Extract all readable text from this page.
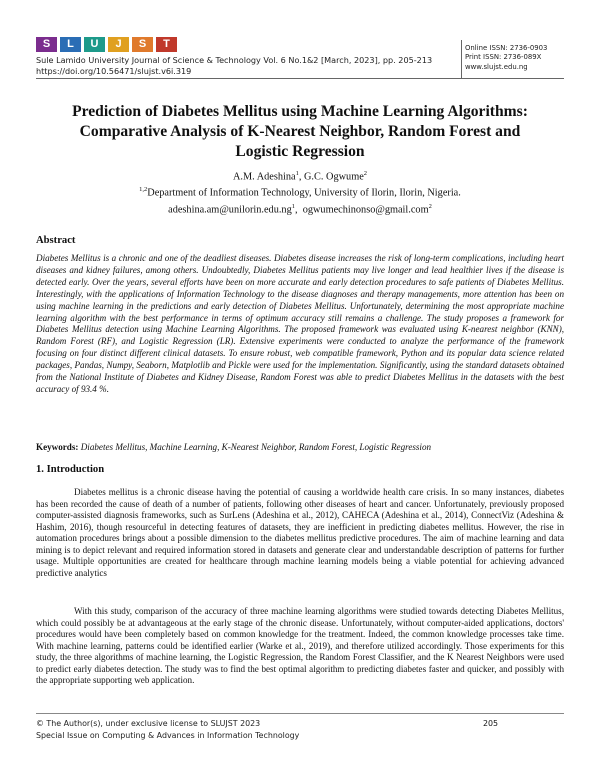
S	L	U	J	S	T
Sule Lamido University Journal of Science & Technology Vol. 6 No.1&2 [March, 2023], pp. 205-213
https://doi.org/10.56471/slujst.v6i.319
Online ISSN: 2736-0903
Print ISSN: 2736-089X
www.slujst.edu.ng
Prediction of Diabetes Mellitus using Machine Learning Algorithms: Comparative Analysis of K-Nearest Neighbor, Random Forest and Logistic Regression
A.M. Adeshina$^1$, G.C. Ogwume$^2$
$^{1,2}$Department of Information Technology, University of Ilorin, Ilorin, Nigeria.
$adeshina.am@unilorin.edu.ng^1$,  ogwumechinonso@gmail.com$^2$
Abstract

Diabetes Mellitus is a chronic and one of the deadliest diseases. Diabetes disease increases the risk of long-term complications, including heart diseases and kidney failures, among others. Undoubtedly, Diabetes Mellitus patients may live longer and lead healthier lives if the disease is detected early. Over the years, several efforts have been on more accurate and early detection procedures to safe patients of Diabetes Mellitus. Interestingly, with the applications of Information Technology to the disease diagnoses and therapy managements, more attention has been on using machine learning in the predictions and early detection of Diabetes Mellitus. Unfortunately, determining the most appropriate machine learning algorithm with the best performance in terms of optimum accuracy still remains a challenge. The study proposes a framework for Diabetes Mellitus detection using Machine Learning Algorithms. The proposed framework was evaluated using K-nearest neighbor (KNN), Random Forest (RF), and Logistic Regression (LR). Extensive experiments were conducted to analyze the performance of the framework focusing on four distinct different clinical datasets. To ensure robust, web compatible framework, Python and its popular data science related packages, Pandas, Numpy, Seaborn, Matplotlib and Pickle were used for the implementation. Significantly, using the standard datasets obtained from the National Institute of Diabetes and Kidney Disease, Random Forest was able to predict Diabetes Mellitus in the datasets with the best accuracy of 93.4 %.

Keywords: Diabetes Mellitus, Machine Learning, K-Nearest Neighbor, Random Forest, Logistic Regression
1. Introduction

Diabetes mellitus is a chronic disease having the potential of causing a worldwide health care crisis. In so many instances, diabetes has been recorded the cause of death of a number of patients, following other diseases of heart and cancer. Unfortunately, previously proposed computer-assisted diagnosis frameworks, such as SurLens (Adeshina et al., 2012), CAHECA (Adeshina et al., 2014), ConnectViz (Adeshina & Hashim, 2016), though resourceful in detecting features of datasets, they are inefficient in predicting diabetes mellitus. However, the rise in automation procedures brings about a possible dimension to the diabetes mellitus predictive procedures. The aim of machine learning and data mining is to depict relevant and required information stored in datasets and generate clear and understandable description of patterns for further usage. Multiple opportunities are created for healthcare through machine learning models being a viable potential for achieving advanced predictive analytics

With this study, comparison of the accuracy of three machine learning algorithms were studied towards detecting Diabetes Mellitus, which could possibly be at advantageous at the early stage of the chronic disease. Unfortunately, without computer-aided applications, doctors' procedures would have been completely based on common knowledge for the treatment. Indeed, the common knowledge processes take time. With machine learning, patterns could be identified earlier (Warke et al., 2019), and therefore utilized accordingly. Those experiments for this study, the three algorithms of machine learning, the Logistic Regression, the Random Forest Classifier, and the K Nearest Neighbors were used to predict early diabetes detection. The study was to find the best optimal algorithm to predicting diabetes faster and quicker, and possibly with the appropriate supporting web application.

© The Author(s), under exclusive license to SLUJST 2023	205
Special Issue on Computing & Advances in Information Technology
